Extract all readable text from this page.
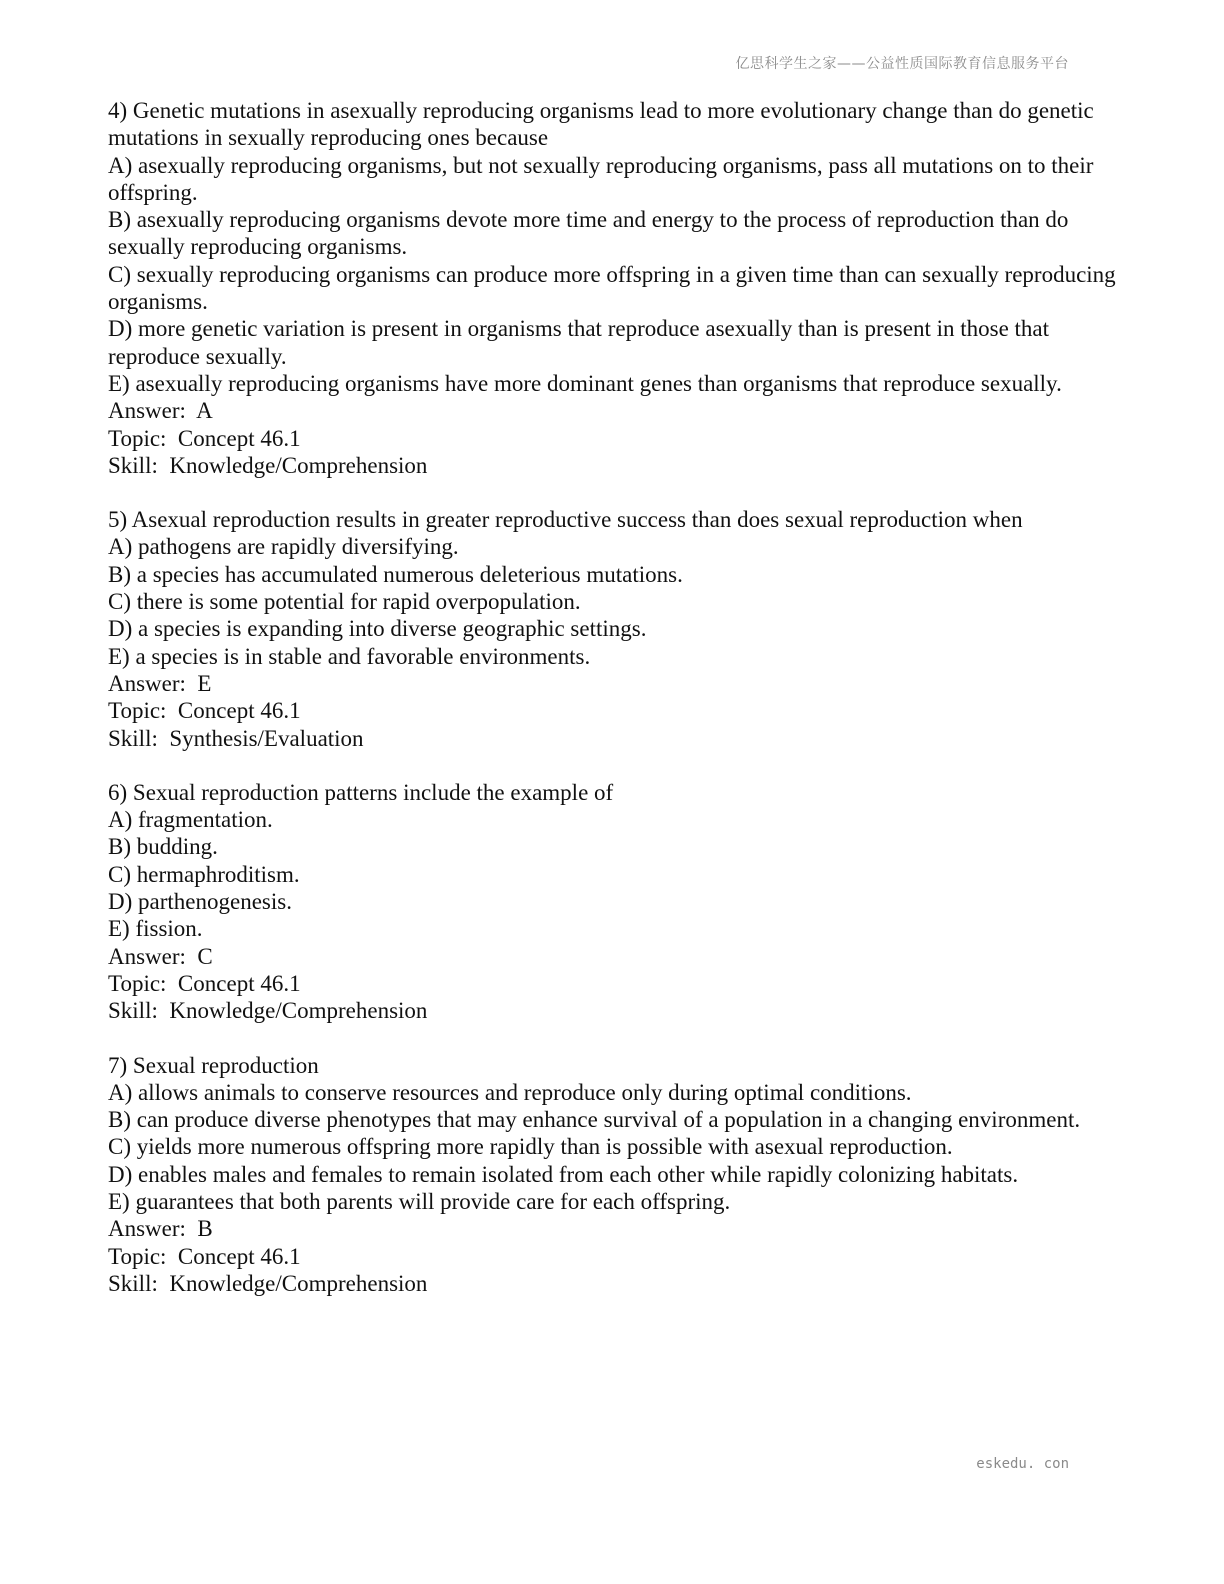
亿思科学生之家——公益性质国际教育信息服务平台
4) Genetic mutations in asexually reproducing organisms lead to more evolutionary change than do genetic mutations in sexually reproducing ones because
A) asexually reproducing organisms, but not sexually reproducing organisms, pass all mutations on to their offspring.
B) asexually reproducing organisms devote more time and energy to the process of reproduction than do sexually reproducing organisms.
C) sexually reproducing organisms can produce more offspring in a given time than can sexually reproducing organisms.
D) more genetic variation is present in organisms that reproduce asexually than is present in those that reproduce sexually.
E) asexually reproducing organisms have more dominant genes than organisms that reproduce sexually.
Answer:  A
Topic:  Concept 46.1
Skill:  Knowledge/Comprehension
5) Asexual reproduction results in greater reproductive success than does sexual reproduction when
A) pathogens are rapidly diversifying.
B) a species has accumulated numerous deleterious mutations.
C) there is some potential for rapid overpopulation.
D) a species is expanding into diverse geographic settings.
E) a species is in stable and favorable environments.
Answer:  E
Topic:  Concept 46.1
Skill:  Synthesis/Evaluation
6) Sexual reproduction patterns include the example of
A) fragmentation.
B) budding.
C) hermaphroditism.
D) parthenogenesis.
E) fission.
Answer:  C
Topic:  Concept 46.1
Skill:  Knowledge/Comprehension
7) Sexual reproduction
A) allows animals to conserve resources and reproduce only during optimal conditions.
B) can produce diverse phenotypes that may enhance survival of a population in a changing environment.
C) yields more numerous offspring more rapidly than is possible with asexual reproduction.
D) enables males and females to remain isolated from each other while rapidly colonizing habitats.
E) guarantees that both parents will provide care for each offspring.
Answer:  B
Topic:  Concept 46.1
Skill:  Knowledge/Comprehension
eskedu. con
